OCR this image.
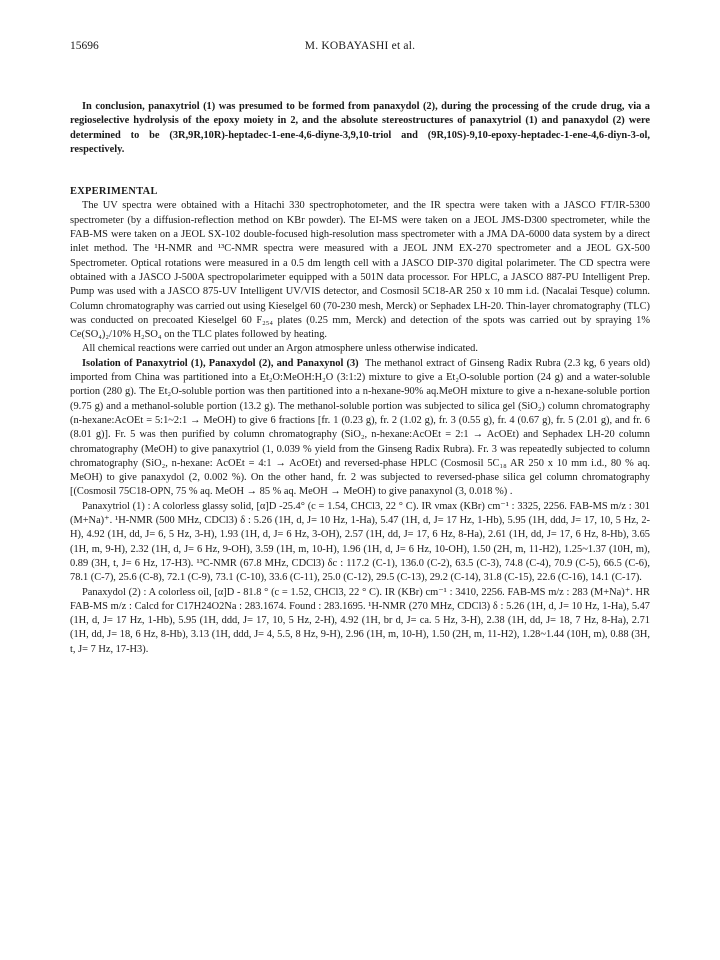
15696	M. KOBAYASHI et al.

In conclusion, panaxytriol (1) was presumed to be formed from panaxydol (2), during the processing of the crude drug, via a regioselective hydrolysis of the epoxy moiety in 2, and the absolute stereostructures of panaxytriol (1) and panaxydol (2) were determined to be (3R,9R,10R)-heptadec-1-ene-4,6-diyne-3,9,10-triol and (9R,10S)-9,10-epoxy-heptadec-1-ene-4,6-diyn-3-ol, respectively.

EXPERIMENTAL

The UV spectra were obtained with a Hitachi 330 spectrophotometer, and the IR spectra were taken with a JASCO FT/IR-5300 spectrometer (by a diffusion-reflection method on KBr powder). The EI-MS were taken on a JEOL JMS-D300 spectrometer, while the FAB-MS were taken on a JEOL SX-102 double-focused high-resolution mass spectrometer with a JMA DA-6000 data system by a direct inlet method. The ¹H-NMR and ¹³C-NMR spectra were measured with a JEOL JNM EX-270 spectrometer and a JEOL GX-500 Spectrometer. Optical rotations were measured in a 0.5 dm length cell with a JASCO DIP-370 digital polarimeter. The CD spectra were obtained with a JASCO J-500A spectropolarimeter equipped with a 501N data processor. For HPLC, a JASCO 887-PU Intelligent Prep. Pump was used with a JASCO 875-UV Intelligent UV/VIS detector, and Cosmosil 5C18-AR 250 x 10 mm i.d. (Nacalai Tesque) column. Column chromatography was carried out using Kieselgel 60 (70-230 mesh, Merck) or Sephadex LH-20. Thin-layer chromatography (TLC) was conducted on precoated Kieselgel 60 F₂₅₄ plates (0.25 mm, Merck) and detection of the spots was carried out by spraying 1% Ce(SO₄)₂/10% H₂SO₄ on the TLC plates followed by heating.

All chemical reactions were carried out under an Argon atmosphere unless otherwise indicated.

Isolation of Panaxytriol (1), Panaxydol (2), and Panaxynol (3) The methanol extract of Ginseng Radix Rubra (2.3 kg, 6 years old) imported from China was partitioned into a Et₂O:MeOH:H₂O (3:1:2) mixture to give a Et₂O-soluble portion (24 g) and a water-soluble portion (280 g). The Et₂O-soluble portion was then partitioned into a n-hexane-90% aq.MeOH mixture to give a n-hexane-soluble portion (9.75 g) and a methanol-soluble portion (13.2 g). The methanol-soluble portion was subjected to silica gel (SiO₂) column chromatography (n-hexane:AcOEt = 5:1~2:1 → MeOH) to give 6 fractions [fr. 1 (0.23 g), fr. 2 (1.02 g), fr. 3 (0.55 g), fr. 4 (0.67 g), fr. 5 (2.01 g), and fr. 6 (8.01 g)]. Fr. 5 was then purified by column chromatography (SiO₂, n-hexane:AcOEt = 2:1 → AcOEt) and Sephadex LH-20 column chromatography (MeOH) to give panaxytriol (1, 0.039 % yield from the Ginseng Radix Rubra). Fr. 3 was repeatedly subjected to column chromatography (SiO₂, n-hexane: AcOEt = 4:1 → AcOEt) and reversed-phase HPLC (Cosmosil 5C₁₈ AR 250 x 10 mm i.d., 80 % aq. MeOH) to give panaxydol (2, 0.002 %). On the other hand, fr. 2 was subjected to reversed-phase silica gel column chromatography [(Cosmosil 75C18-OPN, 75 % aq. MeOH → 85 % aq. MeOH → MeOH) to give panaxynol (3, 0.018 %) .

Panaxytriol (1) : A colorless glassy solid, [α]D -25.4° (c = 1.54, CHCl3, 22 ° C). IR νmax (KBr) cm⁻¹ : 3325, 2256. FAB-MS m/z : 301 (M+Na)⁺. ¹H-NMR (500 MHz, CDCl3) δ : 5.26 (1H, d, J= 10 Hz, 1-Ha), 5.47 (1H, d, J= 17 Hz, 1-Hb), 5.95 (1H, ddd, J= 17, 10, 5 Hz, 2-H), 4.92 (1H, dd, J= 6, 5 Hz, 3-H), 1.93 (1H, d, J= 6 Hz, 3-OH), 2.57 (1H, dd, J= 17, 6 Hz, 8-Ha), 2.61 (1H, dd, J= 17, 6 Hz, 8-Hb), 3.65 (1H, m, 9-H), 2.32 (1H, d, J= 6 Hz, 9-OH), 3.59 (1H, m, 10-H), 1.96 (1H, d, J= 6 Hz, 10-OH), 1.50 (2H, m, 11-H2), 1.25~1.37 (10H, m), 0.89 (3H, t, J= 6 Hz, 17-H3). ¹³C-NMR (67.8 MHz, CDCl3) δc : 117.2 (C-1), 136.0 (C-2), 63.5 (C-3), 74.8 (C-4), 70.9 (C-5), 66.5 (C-6), 78.1 (C-7), 25.6 (C-8), 72.1 (C-9), 73.1 (C-10), 33.6 (C-11), 25.0 (C-12), 29.5 (C-13), 29.2 (C-14), 31.8 (C-15), 22.6 (C-16), 14.1 (C-17).

Panaxydol (2) : A colorless oil, [α]D - 81.8 ° (c = 1.52, CHCl3, 22 ° C). IR (KBr) cm⁻¹ : 3410, 2256. FAB-MS m/z : 283 (M+Na)⁺. HR FAB-MS m/z : Calcd for C17H24O2Na : 283.1674. Found : 283.1695. ¹H-NMR (270 MHz, CDCl3) δ : 5.26 (1H, d, J= 10 Hz, 1-Ha), 5.47 (1H, d, J= 17 Hz, 1-Hb), 5.95 (1H, ddd, J= 17, 10, 5 Hz, 2-H), 4.92 (1H, br d, J= ca. 5 Hz, 3-H), 2.38 (1H, dd, J= 18, 7 Hz, 8-Ha), 2.71 (1H, dd, J= 18, 6 Hz, 8-Hb), 3.13 (1H, ddd, J= 4, 5.5, 8 Hz, 9-H), 2.96 (1H, m, 10-H), 1.50 (2H, m, 11-H2), 1.28~1.44 (10H, m), 0.88 (3H, t, J= 7 Hz, 17-H3).
